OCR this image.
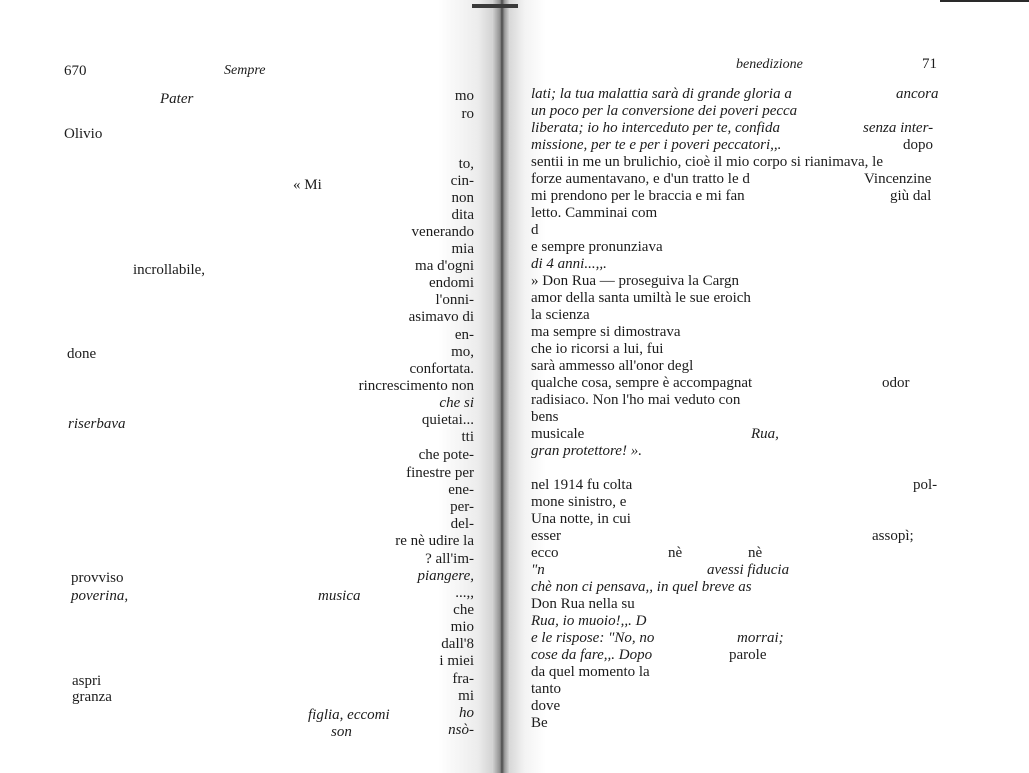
670	Sempre
Pater
Olivio
« Mi
incrollabile,
done
riserbava
provviso
poverina,	musica
aspri
granza
figlia, eccomi
son
mo
ro
to,
cin-
non
dita
venerando
mia
ma d'ogni
endomi
l'onni-
asimavo di
en-
mo,
confortata.
rincrescimento non
che si
quietai...
tti
che pote-
finestre per
ene-
per-
del-
re nè udire la
? all'im-
piangere,
...,,
che
mio
dall'8
i miei
fra-
mi
ho
nsò-
benedizione	71
lati; la tua malattia sarà di grande gloria a
un poco per la conversione dei poveri pecca
liberata; io ho interceduto per te, confida
missione, per te e per i poveri peccatori,,.
sentii in me un brulichio, cioè il mio corpo si rianimava, le
forze aumentavano, e d'un tratto le d
mi prendono per le braccia e mi fan
letto. Camminai com
d
e sempre pronunziava
di 4 anni...,,.
» Don Rua — proseguiva la Cargn
amor della santa umiltà le sue eroich
la scienza
ma sempre si dimostrava
che io ricorsi a lui, fui
sarà ammesso all'onor degl
qualche cosa, sempre è accompagnat
radisiaco. Non l'ho mai veduto con
bens
musicale
gran protettore! ».
nel 1914 fu colta
mone sinistro, e
Una notte, in cui
esser
ecco
"n
chè non ci pensava,, in quel breve as
Don Rua nella su
Rua, io muoio!,,. D
e le rispose: "No, no
cose da fare,,. Dopo
da quel momento la
tanto
dove
Be
ancora
senza inter-
dopo
Vincenzine
giù dal
odor
Rua,
pol-
assopì;
nè	nè
avessi fiducia
morrai;
parole
